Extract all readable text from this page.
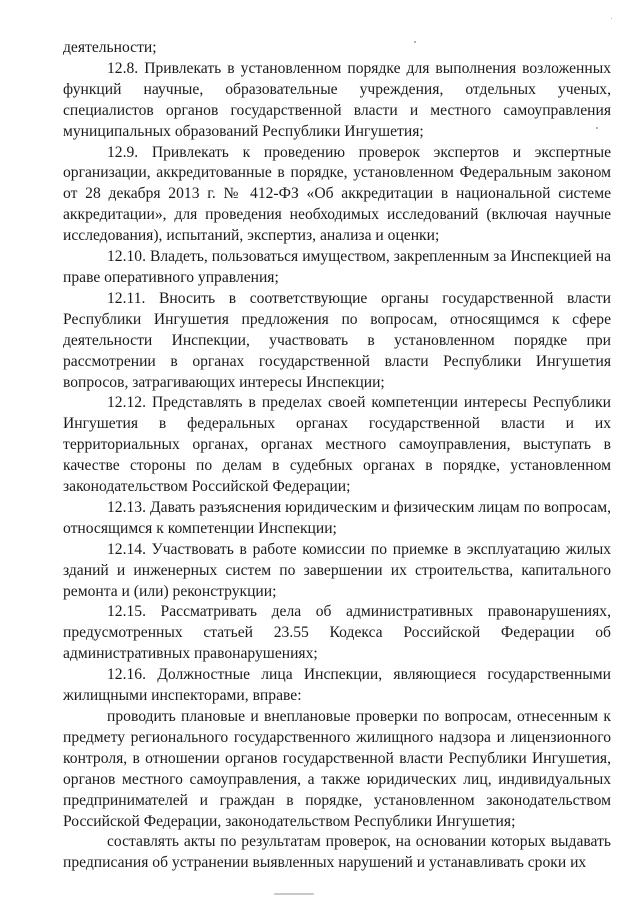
деятельности;

12.8. Привлекать в установленном порядке для выполнения возложенных функций научные, образовательные учреждения, отдельных ученых, специалистов органов государственной власти и местного самоуправления муниципальных образований Республики Ингушетия;

12.9. Привлекать к проведению проверок экспертов и экспертные организации, аккредитованные в порядке, установленном Федеральным законом от 28 декабря 2013 г. № 412-ФЗ «Об аккредитации в национальной системе аккредитации», для проведения необходимых исследований (включая научные исследования), испытаний, экспертиз, анализа и оценки;

12.10. Владеть, пользоваться имуществом, закрепленным за Инспекцией на праве оперативного управления;

12.11. Вносить в соответствующие органы государственной власти Республики Ингушетия предложения по вопросам, относящимся к сфере деятельности Инспекции, участвовать в установленном порядке при рассмотрении в органах государственной власти Республики Ингушетия вопросов, затрагивающих интересы Инспекции;

12.12. Представлять в пределах своей компетенции интересы Республики Ингушетия в федеральных органах государственной власти и их территориальных органах, органах местного самоуправления, выступать в качестве стороны по делам в судебных органах в порядке, установленном законодательством Российской Федерации;

12.13. Давать разъяснения юридическим и физическим лицам по вопросам, относящимся к компетенции Инспекции;

12.14. Участвовать в работе комиссии по приемке в эксплуатацию жилых зданий и инженерных систем по завершении их строительства, капитального ремонта и (или) реконструкции;

12.15. Рассматривать дела об административных правонарушениях, предусмотренных статьей 23.55 Кодекса Российской Федерации об административных правонарушениях;

12.16. Должностные лица Инспекции, являющиеся государственными жилищными инспекторами, вправе:

проводить плановые и внеплановые проверки по вопросам, отнесенным к предмету регионального государственного жилищного надзора и лицензионного контроля, в отношении органов государственной власти Республики Ингушетия, органов местного самоуправления, а также юридических лиц, индивидуальных предпринимателей и граждан в порядке, установленном законодательством Российской Федерации, законодательством Республики Ингушетия;

составлять акты по результатам проверок, на основании которых выдавать предписания об устранении выявленных нарушений и устанавливать сроки их
